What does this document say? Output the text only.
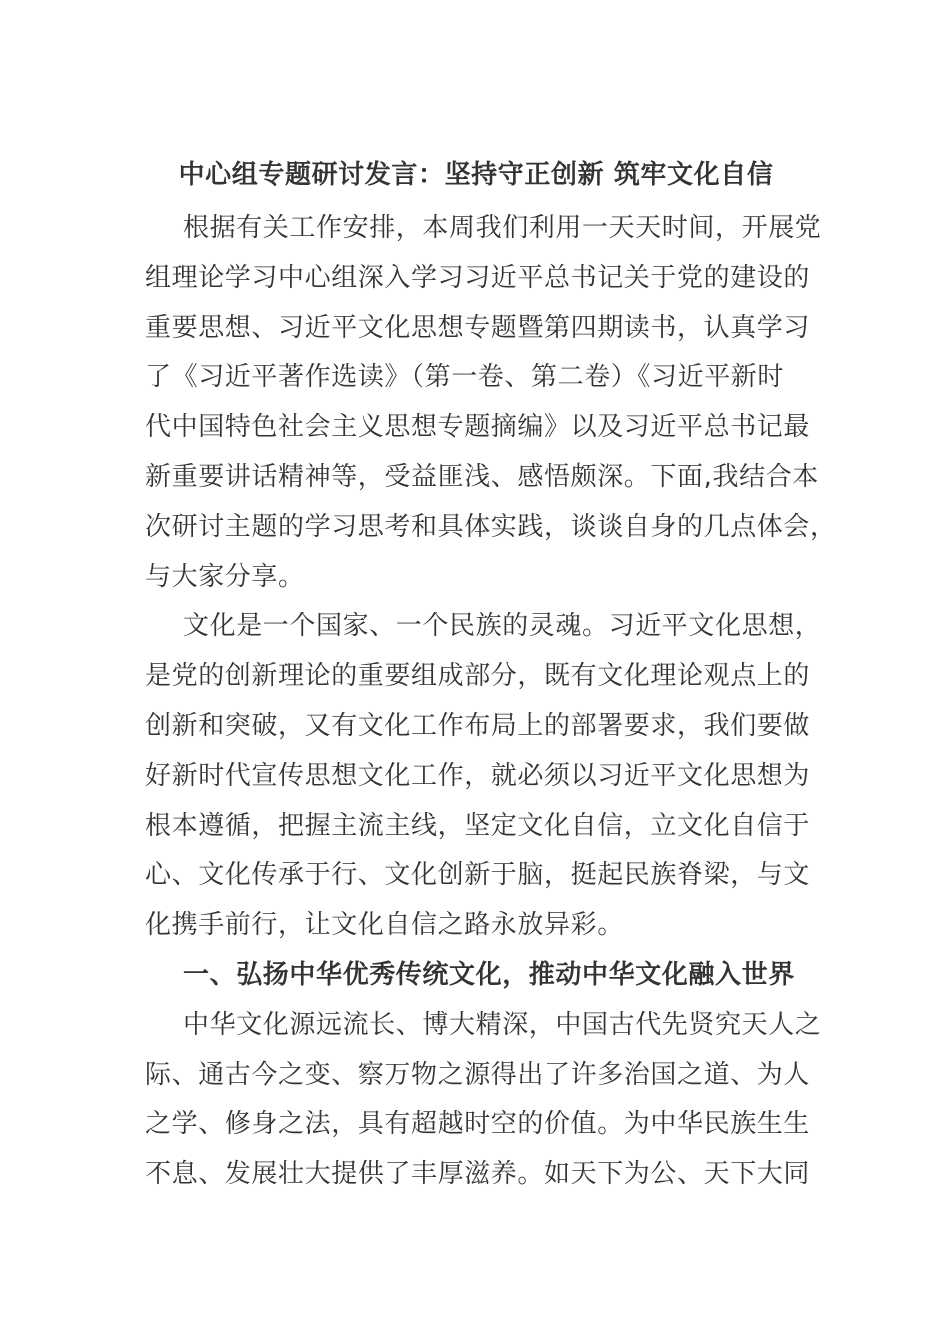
中心组专题研讨发言：坚持守正创新 筑牢文化自信
根据有关工作安排，本周我们利用一天天时间，开展党
组理论学习中心组深入学习习近平总书记关于党的建设的
重要思想、习近平文化思想专题暨第四期读书，认真学习
了《习近平著作选读》（第一卷、第二卷）《习近平新时
代中国特色社会主义思想专题摘编》以及习近平总书记最
新重要讲话精神等，受益匪浅、感悟颇深。下面,我结合本
次研讨主题的学习思考和具体实践，谈谈自身的几点体会，
与大家分享。
文化是一个国家、一个民族的灵魂。习近平文化思想，
是党的创新理论的重要组成部分，既有文化理论观点上的
创新和突破，又有文化工作布局上的部署要求，我们要做
好新时代宣传思想文化工作，就必须以习近平文化思想为
根本遵循，把握主流主线，坚定文化自信，立文化自信于
心、文化传承于行、文化创新于脑，挺起民族脊梁，与文
化携手前行，让文化自信之路永放异彩。
一、弘扬中华优秀传统文化，推动中华文化融入世界
中华文化源远流长、博大精深，中国古代先贤究天人之
际、通古今之变、察万物之源得出了许多治国之道、为人
之学、修身之法，具有超越时空的价值。为中华民族生生
不息、发展壮大提供了丰厚滋养。如天下为公、天下大同
